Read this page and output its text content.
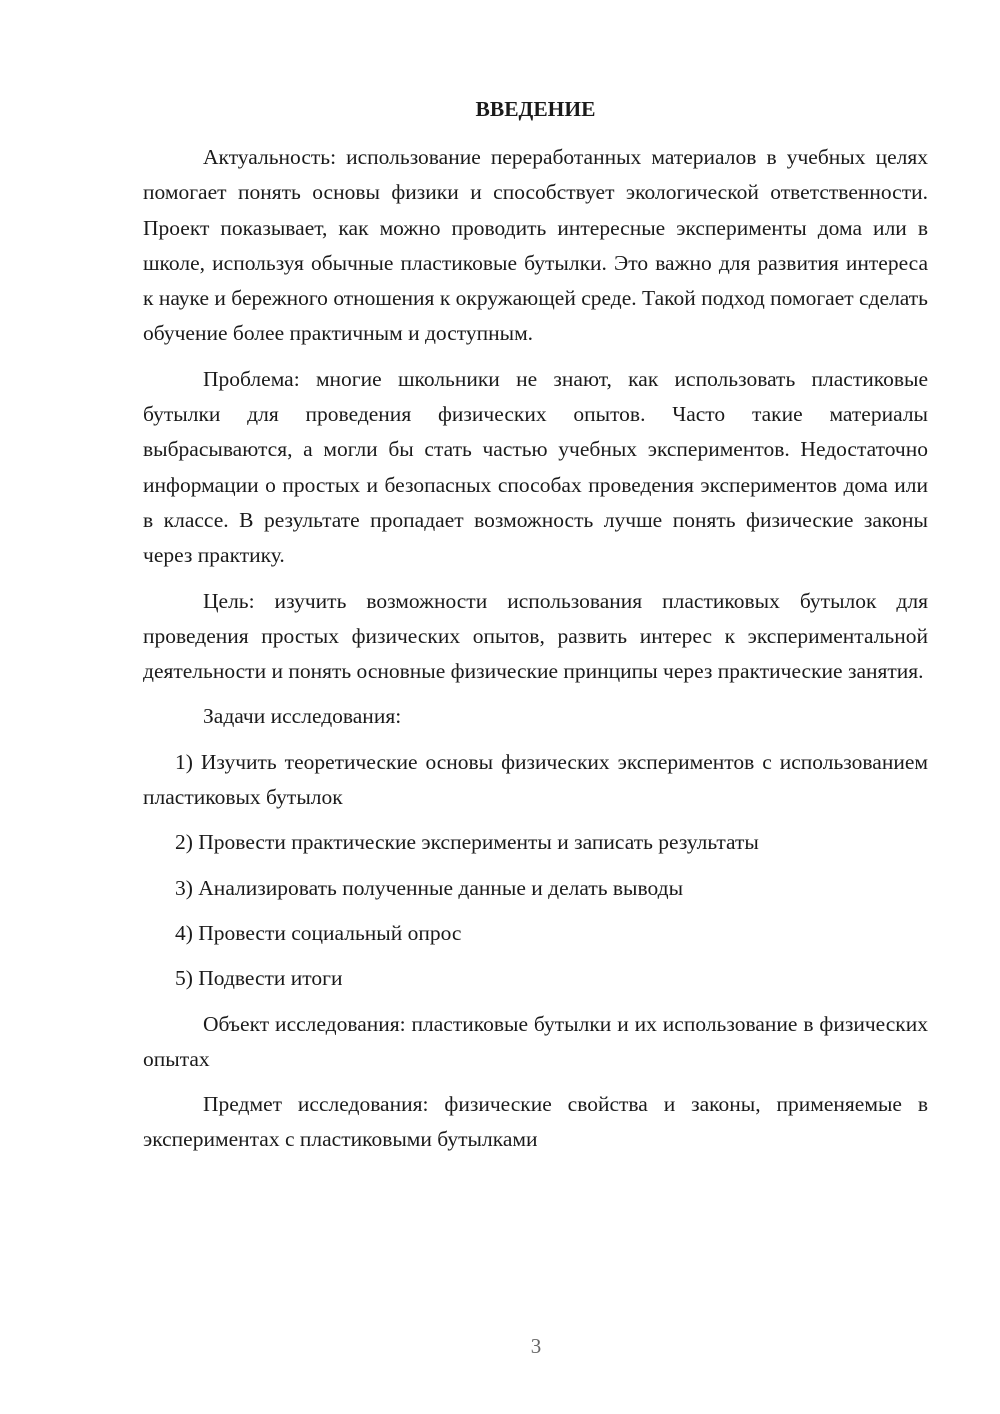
ВВЕДЕНИЕ

Актуальность: использование переработанных материалов в учебных целях помогает понять основы физики и способствует экологической ответственности. Проект показывает, как можно проводить интересные эксперименты дома или в школе, используя обычные пластиковые бутылки. Это важно для развития интереса к науке и бережного отношения к окружающей среде. Такой подход помогает сделать обучение более практичным и доступным.

Проблема: многие школьники не знают, как использовать пластиковые бутылки для проведения физических опытов. Часто такие материалы выбрасываются, а могли бы стать частью учебных экспериментов. Недостаточно информации о простых и безопасных способах проведения экспериментов дома или в классе. В результате пропадает возможность лучше понять физические законы через практику.

Цель: изучить возможности использования пластиковых бутылок для проведения простых физических опытов, развить интерес к экспериментальной деятельности и понять основные физические принципы через практические занятия.

Задачи исследования:

1) Изучить теоретические основы физических экспериментов с использованием пластиковых бутылок

2) Провести практические эксперименты и записать результаты

3) Анализировать полученные данные и делать выводы

4) Провести социальный опрос

5) Подвести итоги

Объект исследования: пластиковые бутылки и их использование в физических опытах

Предмет исследования: физические свойства и законы, применяемые в экспериментах с пластиковыми бутылками

3
